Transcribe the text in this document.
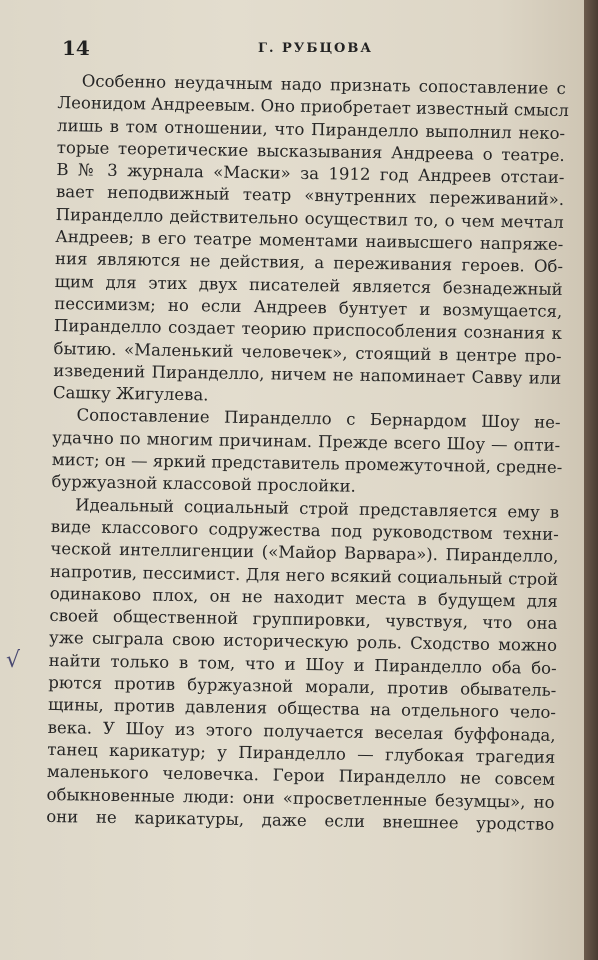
14	Г. РУБЦОВА
Особенно неудачным надо признать сопоставление с
Леонидом Андреевым. Оно приобретает известный смысл
лишь в том отношении, что Пиранделло выполнил неко-
торые теоретические высказывания Андреева о театре.
В № 3 журнала «Маски» за 1912 год Андреев отстаи-
вает неподвижный театр «внутренних переживаний».
Пиранделло действительно осуществил то, о чем мечтал
Андреев; в его театре моментами наивысшего напряже-
ния являются не действия, а переживания героев. Об-
щим для этих двух писателей является безнадежный
пессимизм; но если Андреев бунтует и возмущается,
Пиранделло создает теорию приспособления сознания к
бытию. «Маленький человечек», стоящий в центре про-
изведений Пиранделло, ничем не напоминает Савву или
Сашку Жигулева.
Сопоставление Пиранделло с Бернардом Шоу не-
удачно по многим причинам. Прежде всего Шоу — опти-
мист; он — яркий представитель промежуточной, средне-
буржуазной классовой прослойки.
Идеальный социальный строй представляется ему в
виде классового содружества под руководством техни-
ческой интеллигенции («Майор Варвара»). Пиранделло,
напротив, пессимист. Для него всякий социальный строй
одинаково плох, он не находит места в будущем для
своей общественной группировки, чувствуя, что она
уже сыграла свою историческую роль. Сходство можно
найти только в том, что и Шоу и Пиранделло оба бо-
рются против буржуазной морали, против обыватель-
щины, против давления общества на отдельного чело-
века. У Шоу из этого получается веселая буффонада,
танец карикатур; у Пиранделло — глубокая трагедия
маленького человечка. Герои Пиранделло не совсем
обыкновенные люди: они «просветленные безумцы», но
они не карикатуры, даже если внешнее уродство
√
